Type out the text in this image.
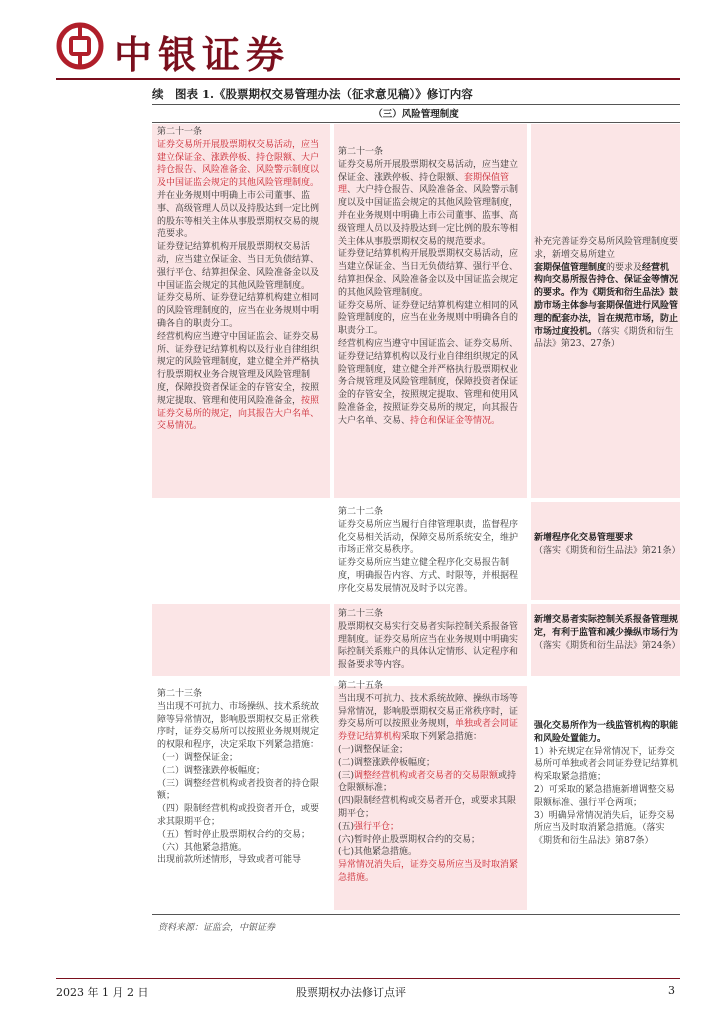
中银证券
续　图表 1.《股票期权交易管理办法（征求意见稿）》修订内容
（三）风险管理制度

第二十一条
证券交易所开展股票期权交易活动，应当建立保证金、涨跌停板、持仓限额、大户持仓报告、风险准备金、风险警示制度以及中国证监会规定的其他风险管理制度。
并在业务规则中明确上市公司董事、监事、高级管理人员以及持股达到一定比例的股东等相关主体从事股票期权交易的规范要求。
证券登记结算机构开展股票期权交易活动，应当建立保证金、当日无负债结算、强行平仓、结算担保金、风险准备金以及中国证监会规定的其他风险管理制度。
证券交易所、证券登记结算机构建立相同的风险管理制度的，应当在业务规则中明确各自的职责分工。
经营机构应当遵守中国证监会、证券交易所、证券登记结算机构以及行业自律组织规定的风险管理制度，建立健全并严格执行股票期权业务合规管理及风险管理制度，保障投资者保证金的存管安全，按照规定提取、管理和使用风险准备金，按照证券交易所的规定，向其报告大户名单、交易情况。

第二十一条
证券交易所开展股票期权交易活动，应当建立保证金、涨跌停板、持仓限额、套期保值管理、大户持仓报告、风险准备金、风险警示制度以及中国证监会规定的其他风险管理制度，并在业务规则中明确上市公司董事、监事、高级管理人员以及持股达到一定比例的股东等相关主体从事股票期权交易的规范要求。
证券登记结算机构开展股票期权交易活动，应当建立保证金、当日无负债结算、强行平仓、结算担保金、风险准备金以及中国证监会规定的其他风险管理制度。
证券交易所、证券登记结算机构建立相同的风险管理制度的，应当在业务规则中明确各自的职责分工。
经营机构应当遵守中国证监会、证券交易所、证券登记结算机构以及行业自律组织规定的风险管理制度，建立健全并严格执行股票期权业务合规管理及风险管理制度，保障投资者保证金的存管安全，按照规定提取、管理和使用风险准备金，按照证券交易所的规定，向其报告大户名单、交易、持仓和保证金等情况。

补充完善证券交易所风险管理制度要求，新增交易所建立
套期保值管理制度的要求及经营机构向交易所报告持仓、保证金等情况的要求。作为《期货和衍生品法》鼓励市场主体参与套期保值进行风险管理的配套办法，旨在规范市场，防止市场过度投机。（落实《期货和衍生品法》第23、27条）

第二十二条
证券交易所应当履行自律管理职责，监督程序化交易相关活动，保障交易所系统安全，维护市场正常交易秩序。
证券交易所应当建立健全程序化交易报告制度，明确报告内容、方式、时限等，并根据程序化交易发展情况及时予以完善。

新增程序化交易管理要求
（落实《期货和衍生品法》第21条）

第二十三条
股票期权交易实行交易者实际控制关系报备管理制度。证券交易所应当在业务规则中明确实际控制关系账户的具体认定情形、认定程序和报备要求等内容。

新增交易者实际控制关系报备管理规定，有利于监管和减少操纵市场行为
（落实《期货和衍生品法》第24条）

第二十三条
当出现不可抗力、市场操纵、技术系统故障等异常情况，影响股票期权交易正常秩序时，证券交易所可以按照业务规则规定的权限和程序，决定采取下列紧急措施：
（一）调整保证金；
（二）调整涨跌停板幅度；
（三）调整经营机构或者投资者的持仓限额；
（四）限制经营机构或投资者开仓，或要求其限期平仓；
（五）暂时停止股票期权合约的交易；
（六）其他紧急措施。
出现前款所述情形，导致或者可能导

第二十五条
当出现不可抗力、技术系统故障、操纵市场等异常情况，影响股票期权交易正常秩序时，证券交易所可以按照业务规则，单独或者会同证券登记结算机构采取下列紧急措施：
(一)调整保证金；
(二)调整涨跌停板幅度；
(三)调整经营机构或者交易者的交易限额或持仓限额标准；
(四)限制经营机构或交易者开仓，或要求其限期平仓；
(五)强行平仓；
(六)暂时停止股票期权合约的交易；
(七)其他紧急措施。
异常情况消失后，证券交易所应当及时取消紧急措施。

强化交易所作为一线监管机构的职能和风险处置能力。
1）补充规定在异常情况下，证券交易所可单独或者会同证券登记结算机构采取紧急措施；
2）可采取的紧急措施新增调整交易限额标准、强行平仓两项；
3）明确异常情况消失后，证券交易所应当及时取消紧急措施。（落实《期货和衍生品法》第87条）

资料来源：证监会，中银证券
2023 年 1 月 2 日	股票期权办法修订点评	3
